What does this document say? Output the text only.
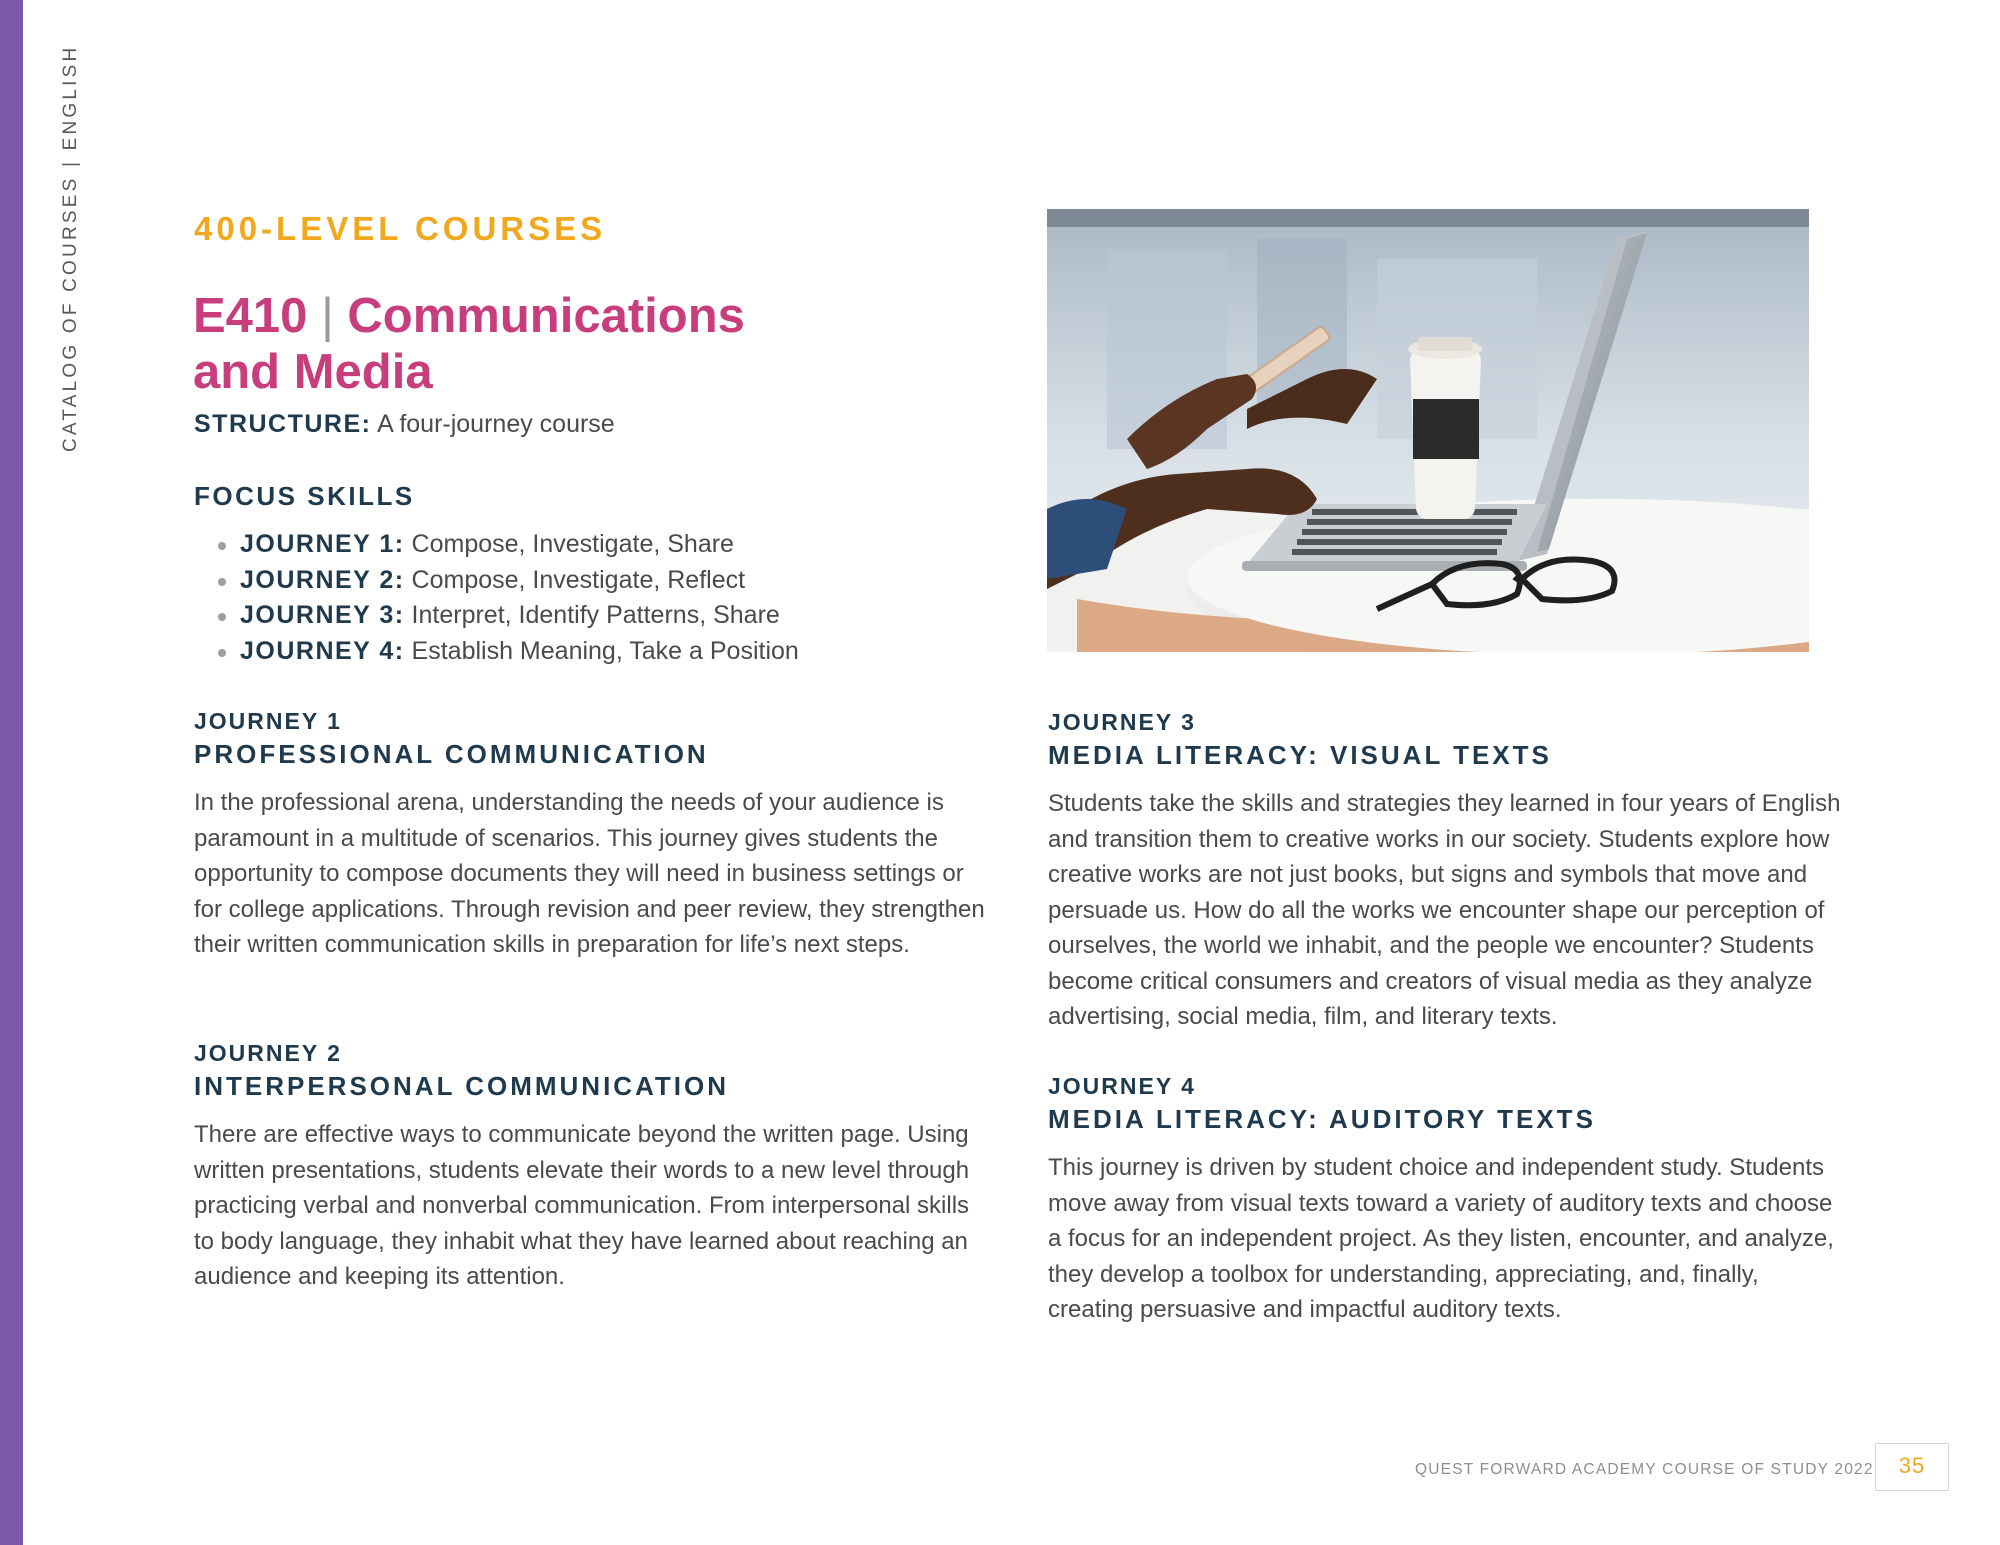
CATALOG OF COURSES | ENGLISH	400-LEVEL COURSES
E410 | Communications and Media
STRUCTURE: A four-journey course
FOCUS SKILLS
JOURNEY 1: Compose, Investigate, Share
JOURNEY 2: Compose, Investigate, Reflect
JOURNEY 3: Interpret, Identify Patterns, Share
JOURNEY 4: Establish Meaning, Take a Position
JOURNEY 1
PROFESSIONAL COMMUNICATION

In the professional arena, understanding the needs of your audience is paramount in a multitude of scenarios. This journey gives students the opportunity to compose documents they will need in business settings or for college applications. Through revision and peer review, they strengthen their written communication skills in preparation for life’s next steps.

JOURNEY 2
INTERPERSONAL COMMUNICATION

There are effective ways to communicate beyond the written page. Using written presentations, students elevate their words to a new level through practicing verbal and nonverbal communication. From interpersonal skills to body language, they inhabit what they have learned about reaching an audience and keeping its attention.

JOURNEY 3
MEDIA LITERACY: VISUAL TEXTS

Students take the skills and strategies they learned in four years of English and transition them to creative works in our society. Students explore how creative works are not just books, but signs and symbols that move and persuade us. How do all the works we encounter shape our perception of ourselves, the world we inhabit, and the people we encounter? Students become critical consumers and creators of visual media as they analyze advertising, social media, film, and literary texts.

JOURNEY 4
MEDIA LITERACY: AUDITORY TEXTS

This journey is driven by student choice and independent study. Students move away from visual texts toward a variety of auditory texts and choose a focus for an independent project. As they listen, encounter, and analyze, they develop a toolbox for understanding, appreciating, and, finally, creating persuasive and impactful auditory texts.

QUEST FORWARD ACADEMY COURSE OF STUDY 2022	35
